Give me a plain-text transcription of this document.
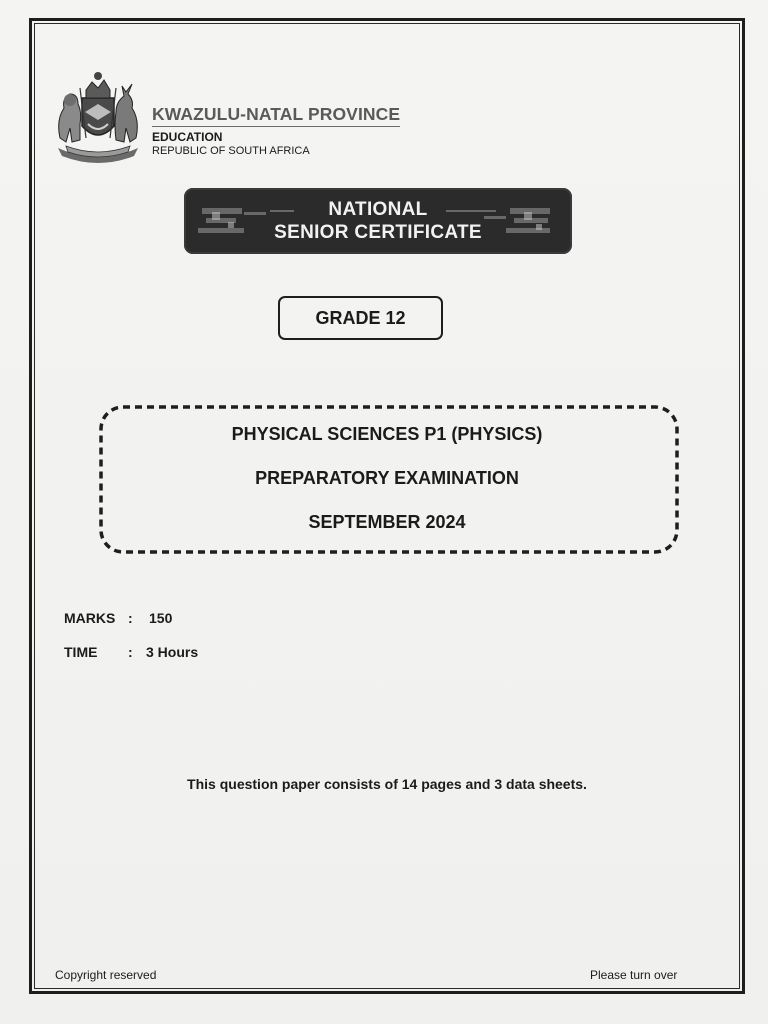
KWAZULU-NATAL PROVINCE
EDUCATION
REPUBLIC OF SOUTH AFRICA
NATIONAL
SENIOR CERTIFICATE
GRADE 12
PHYSICAL SCIENCES P1 (PHYSICS)
PREPARATORY EXAMINATION
SEPTEMBER 2024
MARKS : 150
TIME : 3 Hours
This question paper consists of 14 pages and 3 data sheets.
Copyright reserved	Please turn over
